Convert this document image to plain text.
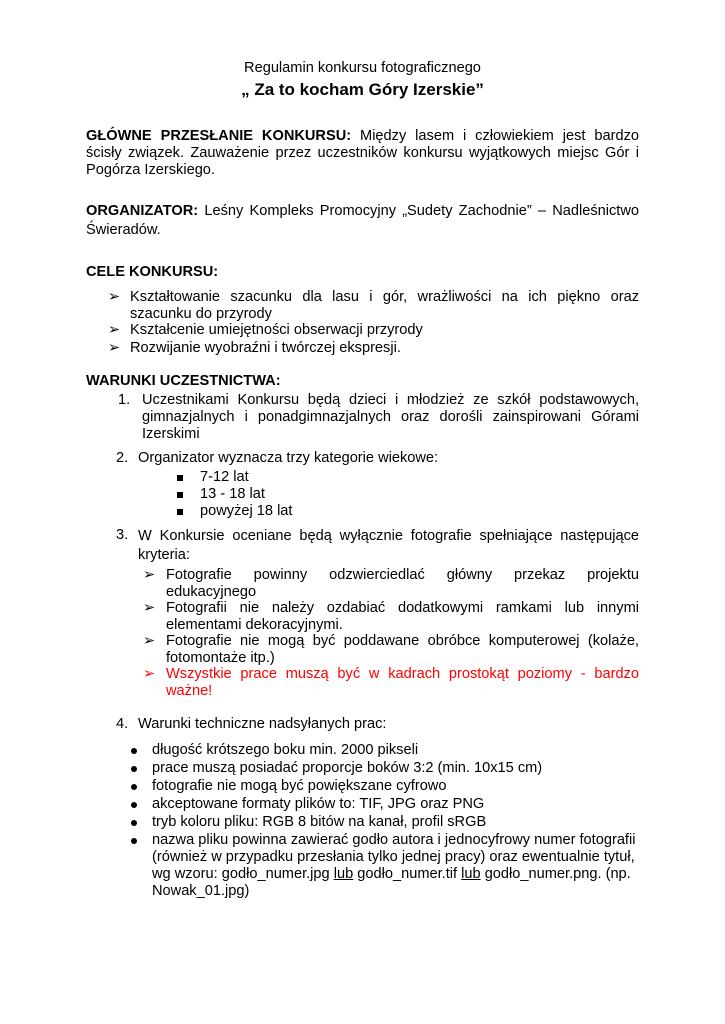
Regulamin konkursu fotograficznego
„ Za to kocham Góry Izerskie”
GŁÓWNE PRZESŁANIE KONKURSU: Między lasem i człowiekiem jest bardzo ścisły związek. Zauważenie przez uczestników konkursu wyjątkowych miejsc Gór i Pogórza Izerskiego.
ORGANIZATOR: Leśny Kompleks Promocyjny „Sudety Zachodnie” – Nadleśnictwo Świeradów.
CELE KONKURSU:
➢ Kształtowanie szacunku dla lasu i gór, wrażliwości na ich piękno oraz szacunku do przyrody
➢ Kształcenie umiejętności obserwacji przyrody
➢ Rozwijanie wyobraźni i twórczej ekspresji.
WARUNKI UCZESTNICTWA:
1. Uczestnikami Konkursu będą dzieci i młodzież ze szkół podstawowych, gimnazjalnych i ponadgimnazjalnych oraz dorośli zainspirowani Górami Izerskimi
2. Organizator wyznacza trzy kategorie wiekowe:
7-12 lat
13 - 18 lat
powyżej 18 lat
3. W Konkursie oceniane będą wyłącznie fotografie spełniające następujące kryteria:
➢ Fotografie powinny odzwierciedlać główny przekaz projektu edukacyjnego
➢ Fotografii nie należy ozdabiać dodatkowymi ramkami lub innymi elementami dekoracyjnymi.
➢ Fotografie nie mogą być poddawane obróbce komputerowej (kolaże, fotomontaże itp.)
➢ Wszystkie prace muszą być w kadrach prostokąt poziomy - bardzo ważne!
4. Warunki techniczne nadsyłanych prac:
długość krótszego boku min. 2000 pikseli
prace muszą posiadać proporcje boków 3:2 (min. 10x15 cm)
fotografie nie mogą być powiększane cyfrowo
akceptowane formaty plików to: TIF, JPG oraz PNG
tryb koloru pliku: RGB 8 bitów na kanał, profil sRGB
nazwa pliku powinna zawierać godło autora i jednocyfrowy numer fotografii (również w przypadku przesłania tylko jednej pracy) oraz ewentualnie tytuł, wg wzoru: godło_numer.jpg lub godło_numer.tif lub godło_numer.png. (np. Nowak_01.jpg)
